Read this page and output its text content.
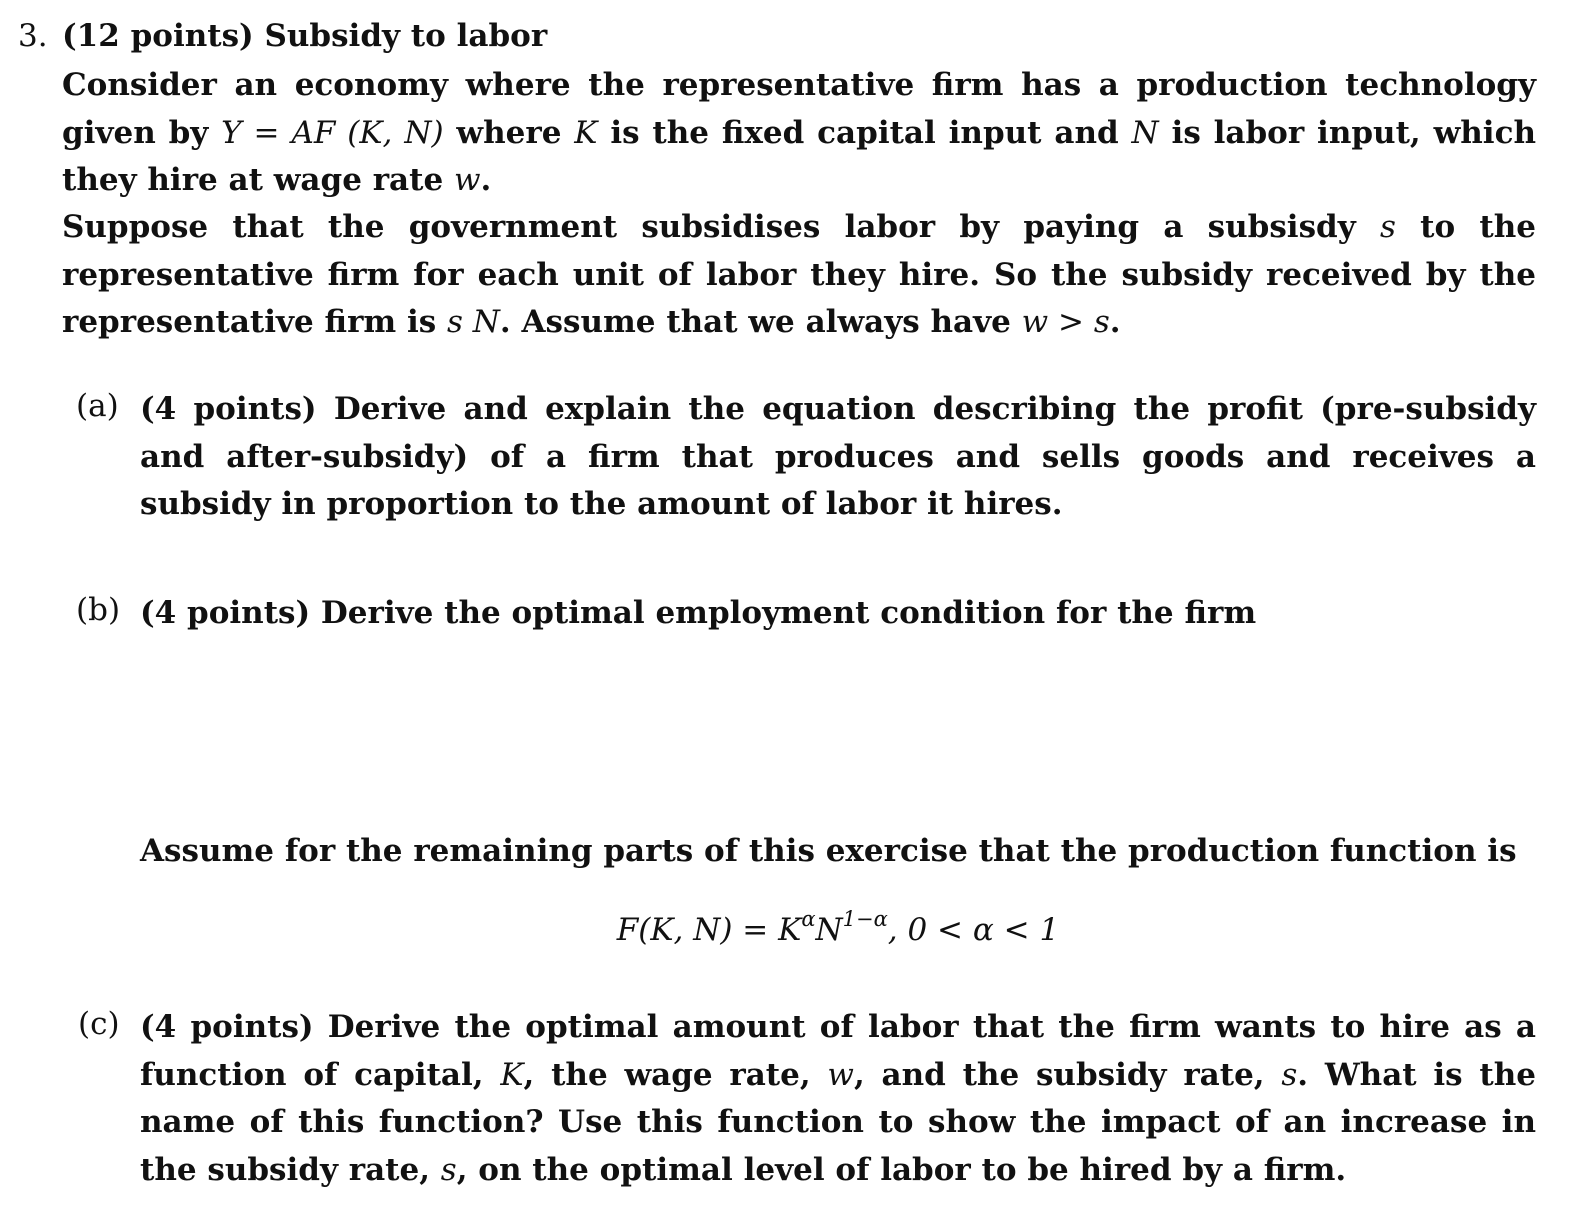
3. (12 points) Subsidy to labor

Consider an economy where the representative firm has a production technology given by Y = AF (K, N) where K is the fixed capital input and N is labor input, which they hire at wage rate w.

Suppose that the government subsidises labor by paying a subsisdy s to the representative firm for each unit of labor they hire. So the subsidy received by the representative firm is s N. Assume that we always have w > s.

(a) (4 points) Derive and explain the equation describing the profit (pre-subsidy and after-subsidy) of a firm that produces and sells goods and receives a subsidy in proportion to the amount of labor it hires.

(b) (4 points) Derive the optimal employment condition for the firm

Assume for the remaining parts of this exercise that the production function is

F(K, $N) = K^\alpha N^{1-\alpha}$, 0 < α < 1
(c) (4 points) Derive the optimal amount of labor that the firm wants to hire as a function of capital, K, the wage rate, w, and the subsidy rate, s. What is the name of this function? Use this function to show the impact of an increase in the subsidy rate, s, on the optimal level of labor to be hired by a firm.
